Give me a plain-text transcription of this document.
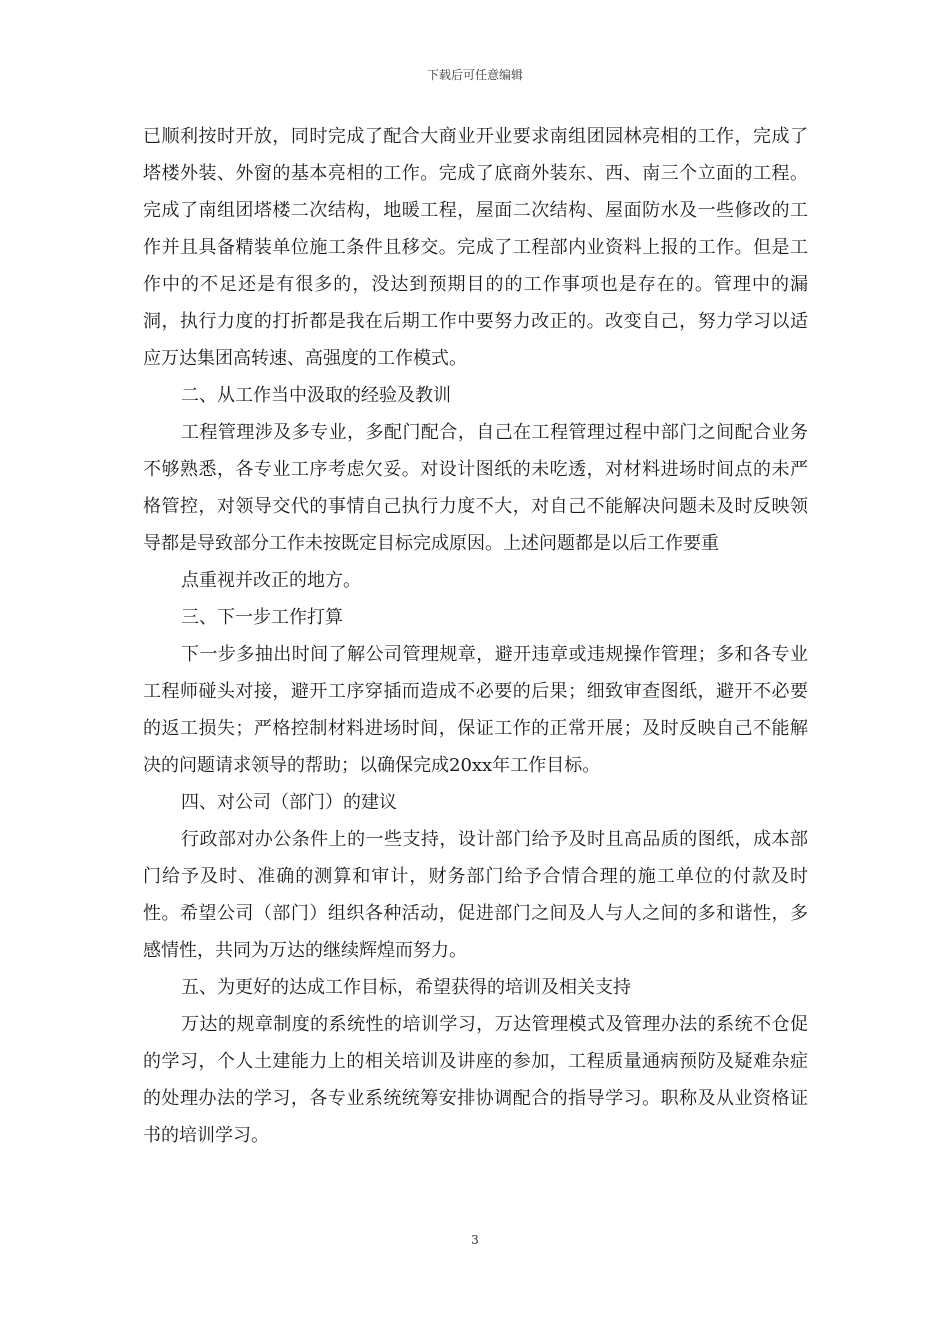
下载后可任意编辑

已顺利按时开放，同时完成了配合大商业开业要求南组团园林亮相的工作，完成了塔楼外装、外窗的基本亮相的工作。完成了底商外装东、西、南三个立面的工程。完成了南组团塔楼二次结构，地暖工程，屋面二次结构、屋面防水及一些修改的工作并且具备精装单位施工条件且移交。完成了工程部内业资料上报的工作。但是工作中的不足还是有很多的，没达到预期目的的工作事项也是存在的。管理中的漏洞，执行力度的打折都是我在后期工作中要努力改正的。改变自己，努力学习以适应万达集团高转速、高强度的工作模式。

二、从工作当中汲取的经验及教训

工程管理涉及多专业，多配门配合，自己在工程管理过程中部门之间配合业务不够熟悉，各专业工序考虑欠妥。对设计图纸的未吃透，对材料进场时间点的未严格管控，对领导交代的事情自己执行力度不大，对自己不能解决问题未及时反映领导都是导致部分工作未按既定目标完成原因。上述问题都是以后工作要重

点重视并改正的地方。

三、下一步工作打算

下一步多抽出时间了解公司管理规章，避开违章或违规操作管理；多和各专业工程师碰头对接，避开工序穿插而造成不必要的后果；细致审查图纸，避开不必要的返工损失；严格控制材料进场时间，保证工作的正常开展；及时反映自己不能解决的问题请求领导的帮助；以确保完成20xx年工作目标。

四、对公司（部门）的建议

行政部对办公条件上的一些支持，设计部门给予及时且高品质的图纸，成本部门给予及时、准确的测算和审计，财务部门给予合情合理的施工单位的付款及时性。希望公司（部门）组织各种活动，促进部门之间及人与人之间的多和谐性，多感情性，共同为万达的继续辉煌而努力。

五、为更好的达成工作目标，希望获得的培训及相关支持

万达的规章制度的系统性的培训学习，万达管理模式及管理办法的系统不仓促的学习，个人土建能力上的相关培训及讲座的参加，工程质量通病预防及疑难杂症的处理办法的学习，各专业系统统筹安排协调配合的指导学习。职称及从业资格证书的培训学习。

3
